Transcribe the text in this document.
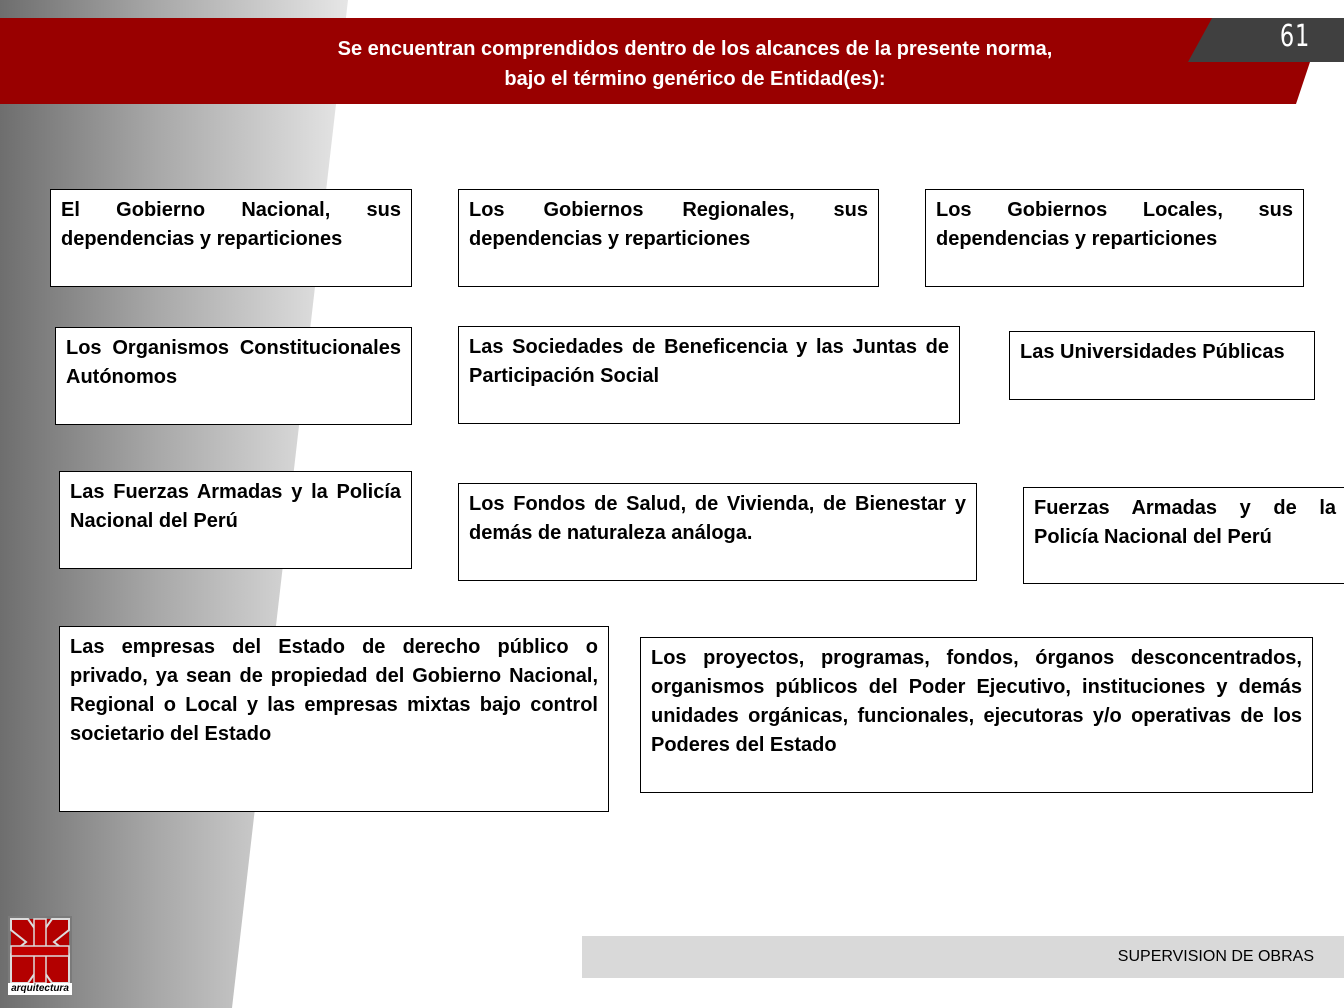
Se encuentran comprendidos dentro de los alcances de la presente norma,
bajo el término genérico de Entidad(es):
61
El Gobierno Nacional, sus dependencias y reparticiones
Los Gobiernos Regionales, sus dependencias y reparticiones
Los Gobiernos Locales, sus dependencias y reparticiones
Los Organismos Constitucionales Autónomos
Las Sociedades de Beneficencia y las Juntas de Participación Social
Las Universidades Públicas
Las Fuerzas Armadas y la Policía Nacional del Perú
Los Fondos de Salud, de Vivienda, de Bienestar y demás de naturaleza análoga.
Fuerzas Armadas y de la Policía Nacional del Perú
Las empresas del Estado de derecho público o privado, ya sean de propiedad del Gobierno Nacional, Regional o Local y las empresas mixtas bajo control societario del Estado
Los proyectos, programas, fondos, órganos desconcentrados, organismos públicos del Poder Ejecutivo, instituciones y demás unidades orgánicas, funcionales, ejecutoras y/o operativas de los Poderes del Estado
SUPERVISION DE OBRAS
arquitectura
